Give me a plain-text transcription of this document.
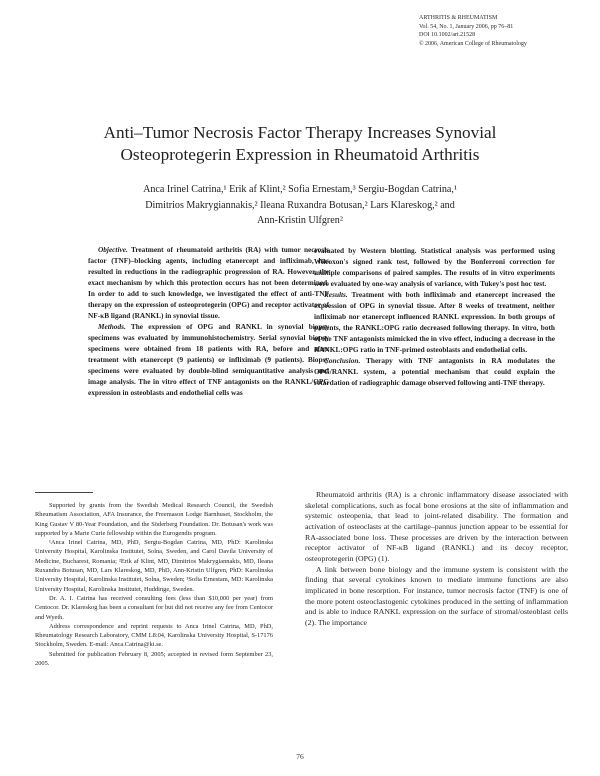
ARTHRITIS & RHEUMATISM
Vol. 54, No. 1, January 2006, pp 76–81
DOI 10.1002/art.21528
© 2006, American College of Rheumatology
Anti–Tumor Necrosis Factor Therapy Increases Synovial
Osteoprotegerin Expression in Rheumatoid Arthritis
Anca Irinel Catrina,¹ Erik af Klint,² Sofia Ernestam,³ Sergiu-Bogdan Catrina,¹
Dimitrios Makrygiannakis,² Ileana Ruxandra Botusan,² Lars Klareskog,² and
Ann-Kristin Ulfgren²

Objective. Treatment of rheumatoid arthritis (RA) with tumor necrosis factor (TNF)–blocking agents, including etanercept and infliximab, has resulted in reductions in the radiographic progression of RA. However, the exact mechanism by which this protection occurs has not been determined. In order to add to such knowledge, we investigated the effect of anti-TNF therapy on the expression of osteoprotegerin (OPG) and receptor activator of NF-κB ligand (RANKL) in synovial tissue.

Methods. The expression of OPG and RANKL in synovial biopsy specimens was evaluated by immunohistochemistry. Serial synovial biopsy specimens were obtained from 18 patients with RA, before and after treatment with etanercept (9 patients) or infliximab (9 patients). Biopsy specimens were evaluated by double-blind semiquantitative analysis and image analysis. The in vitro effect of TNF antagonists on the RANKL/OPG expression in osteoblasts and endothelial cells was

evaluated by Western blotting. Statistical analysis was performed using Wilcoxon's signed rank test, followed by the Bonferroni correction for multiple comparisons of paired samples. The results of in vitro experiments were evaluated by one-way analysis of variance, with Tukey's post hoc test.

Results. Treatment with both infliximab and etanercept increased the expression of OPG in synovial tissue. After 8 weeks of treatment, neither infliximab nor etanercept influenced RANKL expression. In both groups of patients, the RANKL:OPG ratio decreased following therapy. In vitro, both of the TNF antagonists mimicked the in vivo effect, inducing a decrease in the RANKL:OPG ratio in TNF-primed osteoblasts and endothelial cells.

Conclusion. Therapy with TNF antagonists in RA modulates the OPG/RANKL system, a potential mechanism that could explain the retardation of radiographic damage observed following anti-TNF therapy.

Supported by grants from the Swedish Medical Research Council, the Swedish Rheumatism Association, AFA Insurance, the Freemason Lodge Barnhuset, Stockholm, the King Gustav V 80-Year Foundation, and the Söderberg Foundation. Dr. Botusan's work was supported by a Marie Curie fellowship within the Eurogendis program.

¹Anca Irinel Catrina, MD, PhD, Sergiu-Bogdan Catrina, MD, PhD: Karolinska University Hospital, Karolinska Institutet, Solna, Sweden, and Carol Davila University of Medicine, Bucharest, Romania; ²Erik af Klint, MD, Dimitrios Makrygiannakis, MD, Ileana Ruxandra Botusan, MD, Lars Klareskog, MD, PhD, Ann-Kristin Ulfgren, PhD: Karolinska University Hospital, Karolinska Institutet, Solna, Sweden; ³Sofia Ernestam, MD: Karolinska University Hospital, Karolinska Institutet, Huddinge, Sweden.

Dr. A. I. Catrina has received consulting fees (less than $10,000 per year) from Centocor. Dr. Klareskog has been a consultant for but did not receive any fee from Centocor and Wyeth.

Address correspondence and reprint requests to Anca Irinel Catrina, MD, PhD, Rheumatology Research Laboratory, CMM L8:04, Karolinska University Hospital, S-17176 Stockholm, Sweden. E-mail: Anca.Catrina@ki.se.

Submitted for publication February 8, 2005; accepted in revised form September 23, 2005.

Rheumatoid arthritis (RA) is a chronic inflammatory disease associated with skeletal complications, such as focal bone erosions at the site of inflammation and systemic osteopenia, that lead to joint-related disability. The formation and activation of osteoclasts at the cartilage–pannus junction appear to be essential for RA-associated bone loss. These processes are driven by the interaction between receptor activator of NF-κB ligand (RANKL) and its decoy receptor, osteoprotegerin (OPG) (1).

A link between bone biology and the immune system is consistent with the finding that several cytokines known to mediate immune functions are also implicated in bone resorption. For instance, tumor necrosis factor (TNF) is one of the more potent osteoclastogenic cytokines produced in the setting of inflammation and is able to induce RANKL expression on the surface of stromal/osteoblast cells (2). The importance

76
